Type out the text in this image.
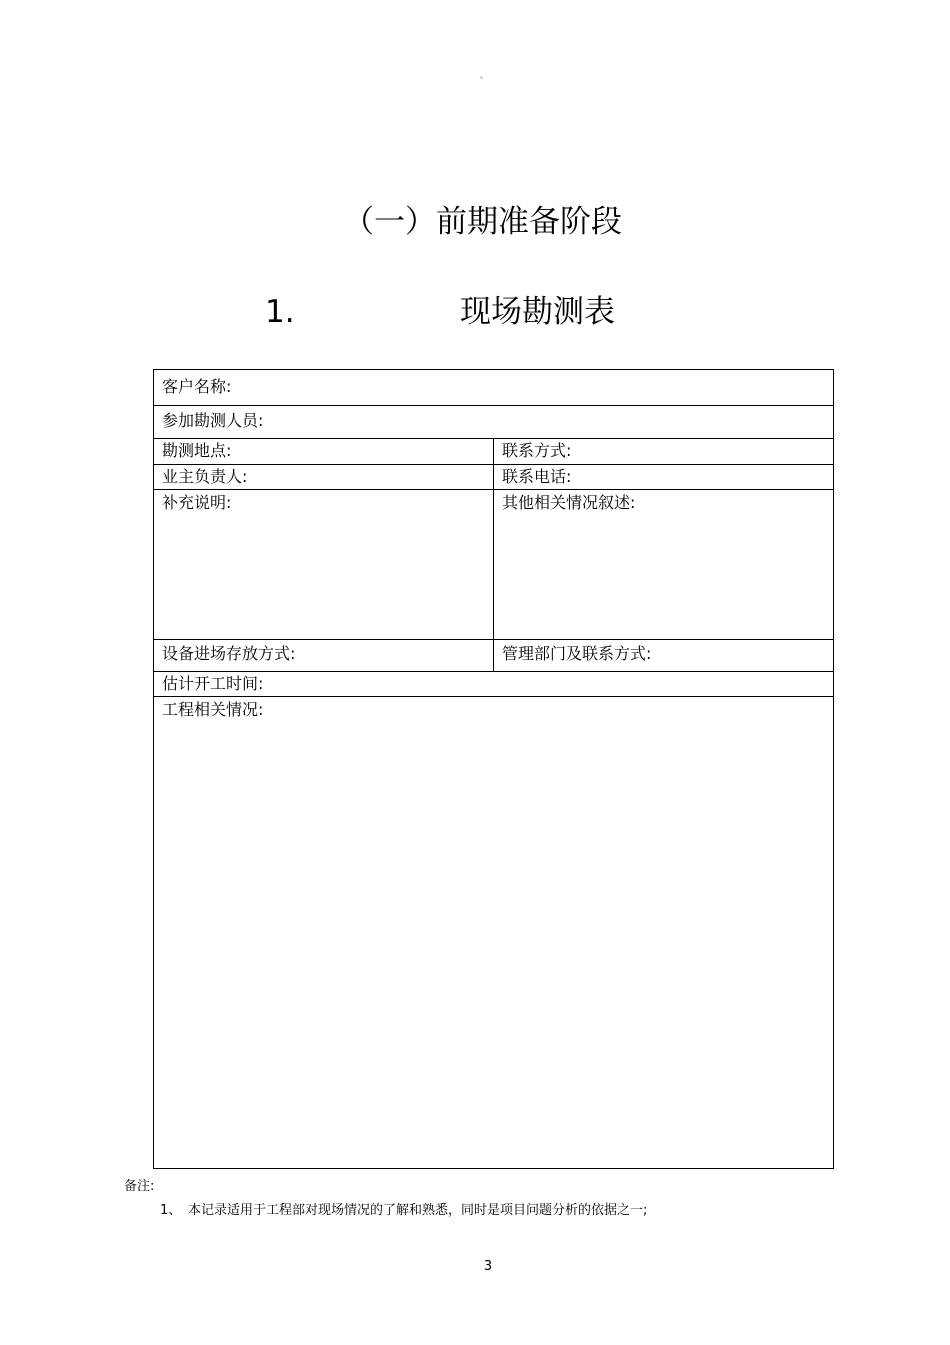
。
（一）前期准备阶段
1.	现场勘测表
客户名称:	
参加勘测人员:	
勘测地点:	联系方式:
业主负责人:	联系电话:
补充说明:	其他相关情况叙述:
设备进场存放方式:	管理部门及联系方式:
估计开工时间:	
工程相关情况:	
备注:
1、 本记录适用于工程部对现场情况的了解和熟悉，同时是项目问题分析的依据之一;
3
